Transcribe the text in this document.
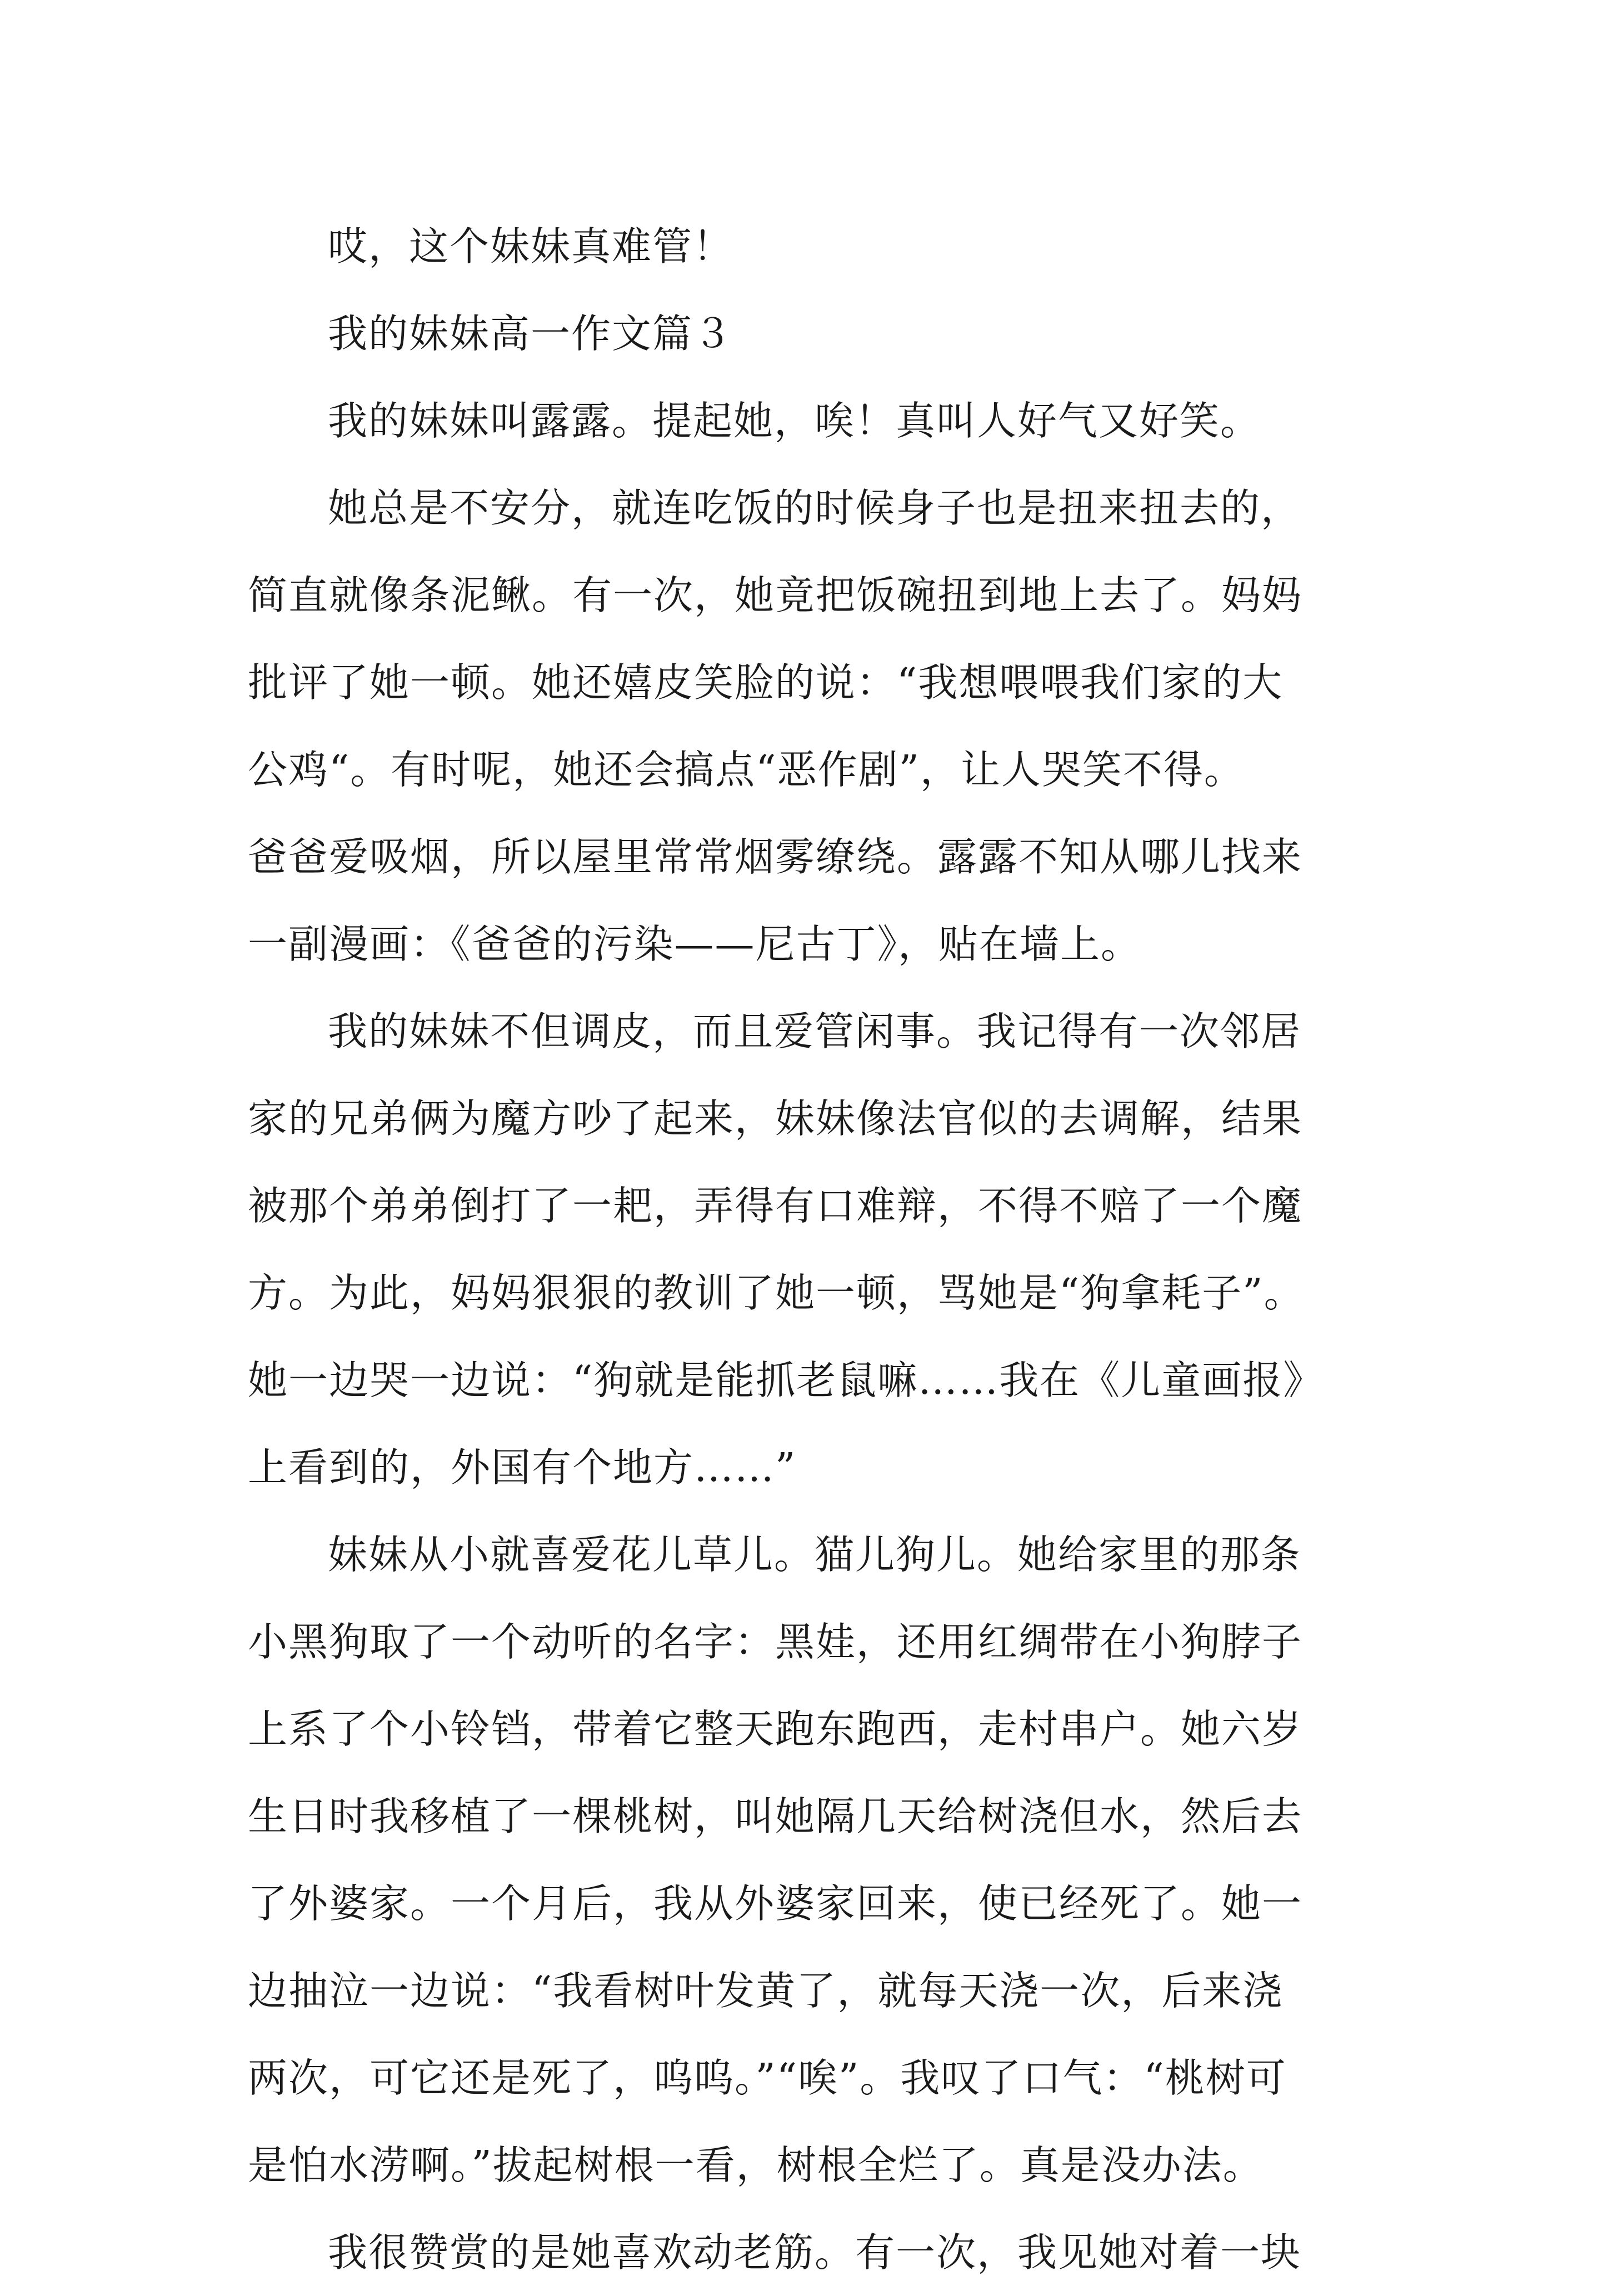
哎，这个妹妹真难管！
我的妹妹高一作文篇３
我的妹妹叫露露。提起她，唉！真叫人好气又好笑。
她总是不安分，就连吃饭的时候身子也是扭来扭去的，
简直就像条泥鳅。有一次，她竟把饭碗扭到地上去了。妈妈
批评了她一顿。她还嬉皮笑脸的说：“我想喂喂我们家的大
公鸡“。有时呢，她还会搞点“恶作剧”，让人哭笑不得。
爸爸爱吸烟，所以屋里常常烟雾缭绕。露露不知从哪儿找来
一副漫画：《爸爸的污染——尼古丁》，贴在墙上。
我的妹妹不但调皮，而且爱管闲事。我记得有一次邻居
家的兄弟俩为魔方吵了起来，妹妹像法官似的去调解，结果
被那个弟弟倒打了一耙，弄得有口难辩，不得不赔了一个魔
方。为此，妈妈狠狠的教训了她一顿，骂她是“狗拿耗子”。
她一边哭一边说：“狗就是能抓老鼠嘛……我在《儿童画报》
上看到的，外国有个地方……”
妹妹从小就喜爱花儿草儿。猫儿狗儿。她给家里的那条
小黑狗取了一个动听的名字：黑娃，还用红绸带在小狗脖子
上系了个小铃铛，带着它整天跑东跑西，走村串户。她六岁
生日时我移植了一棵桃树，叫她隔几天给树浇但水，然后去
了外婆家。一个月后，我从外婆家回来，使已经死了。她一
边抽泣一边说：“我看树叶发黄了，就每天浇一次，后来浇
两次，可它还是死了，呜呜。”“唉”。我叹了口气：“桃树可
是怕水涝啊。”拔起树根一看，树根全烂了。真是没办法。
我很赞赏的是她喜欢动老筋。有一次，我见她对着一块
